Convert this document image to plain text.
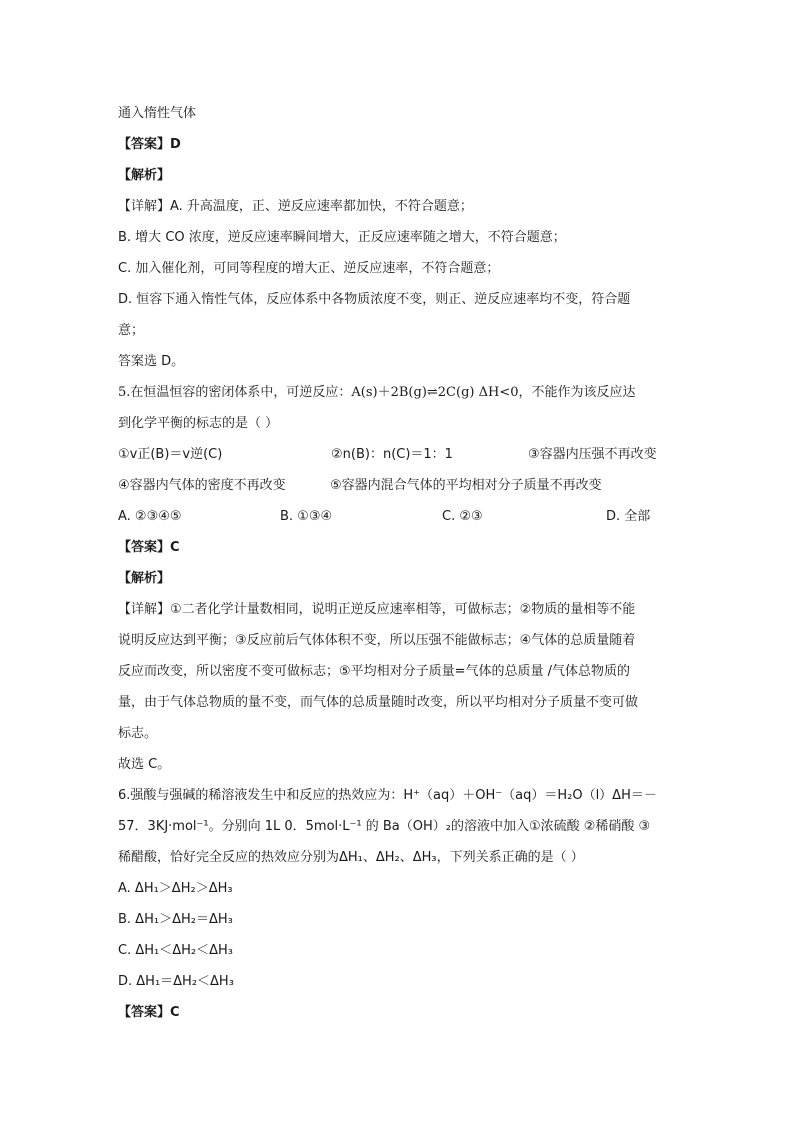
通入惰性气体
【答案】D
【解析】
【详解】A. 升高温度，正、逆反应速率都加快，不符合题意；
B. 增大 CO 浓度，逆反应速率瞬间增大，正反应速率随之增大，不符合题意；
C. 加入催化剂，可同等程度的增大正、逆反应速率，不符合题意；
D. 恒容下通入惰性气体，反应体系中各物质浓度不变，则正、逆反应速率均不变，符合题
意；
答案选 D。
5.在恒温恒容的密闭体系中，可逆反应：A(s)＋2B(g)⇌2C(g) ΔH<0，不能作为该反应达
到化学平衡的标志的是（ ）
①v正(B)＝v逆(C)	②n(B)：n(C)＝1：1	③容器内压强不再改变
④容器内气体的密度不再改变	⑤容器内混合气体的平均相对分子质量不再改变
A. ②③④⑤	B. ①③④	C. ②③	D. 全部
【答案】C
【解析】
【详解】①二者化学计量数相同，说明正逆反应速率相等，可做标志；②物质的量相等不能
说明反应达到平衡；③反应前后气体体积不变，所以压强不能做标志；④气体的总质量随着
反应而改变，所以密度不变可做标志；⑤平均相对分子质量=气体的总质量 /气体总物质的
量，由于气体总物质的量不变，而气体的总质量随时改变，所以平均相对分子质量不变可做
标志。
故选 C。
6.强酸与强碱的稀溶液发生中和反应的热效应为：H⁺（aq）＋OH⁻（aq）＝H₂O（l）ΔH＝－
57．3KJ·mol⁻¹。分别向 1L 0．5mol·L⁻¹ 的 Ba（OH）₂的溶液中加入①浓硫酸 ②稀硝酸 ③
稀醋酸，恰好完全反应的热效应分别为ΔH₁、ΔH₂、ΔH₃，下列关系正确的是（ ）
A. ΔH₁＞ΔH₂＞ΔH₃
B. ΔH₁＞ΔH₂＝ΔH₃
C. ΔH₁＜ΔH₂＜ΔH₃
D. ΔH₁＝ΔH₂＜ΔH₃
【答案】C
